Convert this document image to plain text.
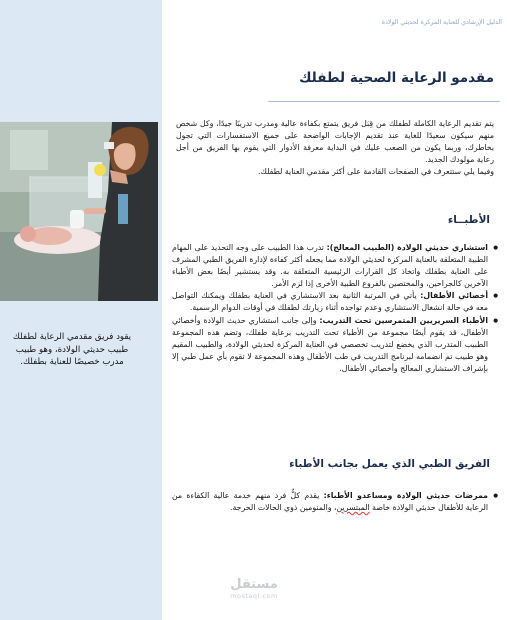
يقود فريق مقدمي الرعاية لطفلك طبيب حديثي الولادة، وهو طبيب مدرب خصيصًا للعناية بطفلك.
الدليل الإرشادي للعناية المركزة لحديثي الولادة
مقدمو الرعاية الصحية لطفلك

يتم تقديم الرعاية الكاملة لطفلك من قِبَل فريق يتمتع بكفاءة عالية ومدرب تدريبًا جيدًا، وكل شخص منهم سيكون سعيدًا للغاية عند تقديم الإجابات الواضحة على جميع الاستفسارات التي تجول بخاطرك، وربما يكون من الصعب عليك في البداية معرفة الأدوار التي يقوم بها الفريق من أجل رعاية مولودك الجديد.

وفيما يلي ستتعرف في الصفحات القادمة على أكثر مقدمي العناية لطفلك.

الأطبــاء
● استشاري حديثي الولادة (الطبيب المعالج): تدرب هذا الطبيب على وجه التحديد على المهام الطبية المتعلقة بالعناية المركزة لحديثي الولادة مما يجعله أكثر كفاءة لإدارة الفريق الطبي المشرف على العناية بطفلك واتخاذ كل القرارات الرئيسية المتعلقة به. وقد يستشير أيضًا بعض الأطباء الآخرين كالجراحين، والمختصين بالفروع الطبية الأخرى إذا لزم الأمر.
● أخصائي الأطفال: يأتي في المرتبة الثانية بعد الاستشاري في العناية بطفلك ويمكنك التواصل معه في حالة انشغال الاستشاري وعدم تواجده أثناء زيارتك لطفلك في أوقات الدوام الرسمية.
● الأطباء السريريين المتمرسين تحت التدريب: وإلى جانب استشاري حديث الولادة وأخصائي الأطفال، قد يقوم أيضًا مجموعة من الأطباء تحت التدريب برعاية طفلك، وتضم هذه المجموعة الطبيب المتدرب الذي يخضع لتدريب تخصصي في العناية المركزة لحديثي الولادة، والطبيب المقيم وهو طبيب تم انضمامه لبرنامج التدريب في طب الأطفال وهذه المجموعة لا تقوم بأي عمل طبي إلا بإشراف الاستشاري المعالج وأخصائي الأطفال.
الفريق الطبي الذي يعمل بجانب الأطباء
● ممرضات حديثي الولادة ومساعدو الأطباء: يقدم كلٌّ فرد منهم خدمة عالية الكفاءة من الرعاية للأطفال حديثي الولادة خاصة المبتسرين، والمنومين ذوي الحالات الحرجة.
مستقل
mostaql.com
